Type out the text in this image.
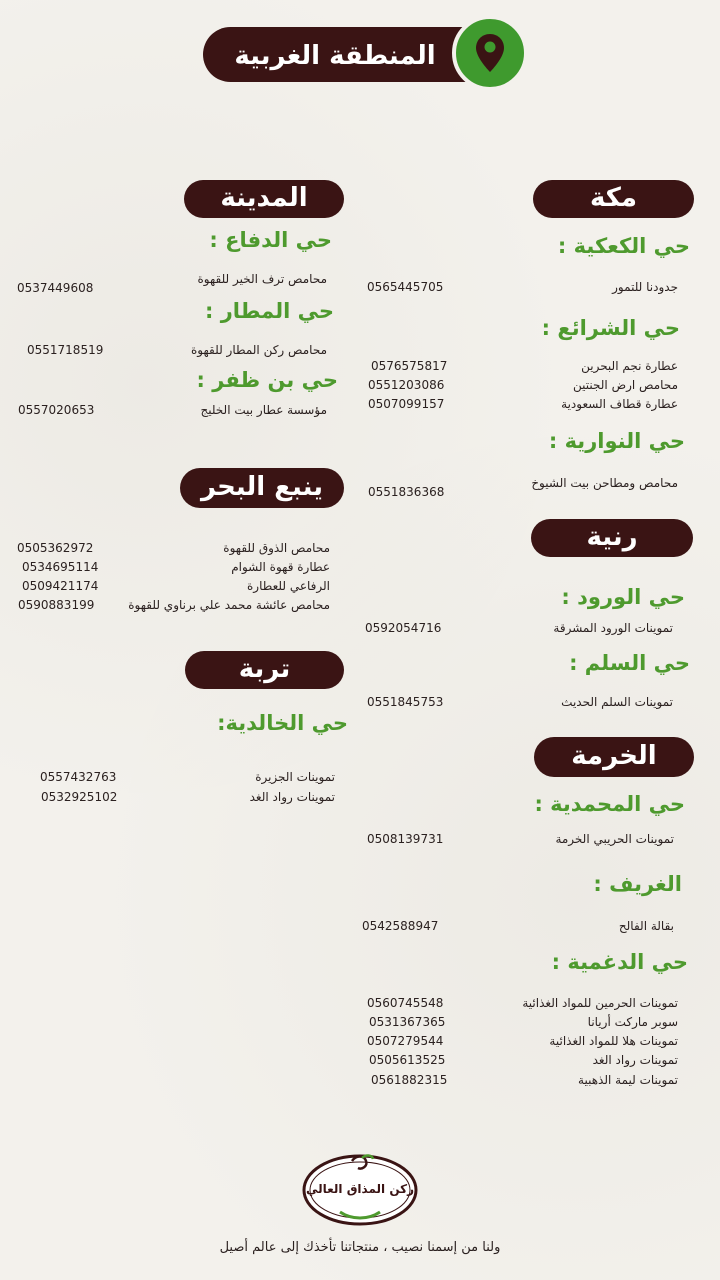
المنطقة الغربية
مكة
حي الكعكية :
جدودنا للتمور
0565445705
حي الشرائع :
عطارة نجم البحرين
0576575817
محامص ارض الجنتين
0551203086
عطارة قطاف السعودية
0507099157
حي النوارية :
محامص ومطاحن بيت الشيوخ
0551836368
رنية
حي الورود :
تموينات الورود المشرقة
0592054716
حي السلم :
تموينات السلم الحديث
0551845753
الخرمة
حي المحمدية :
تموينات الحريبي الخرمة
0508139731
الغريف :
بقالة الفالح
0542588947
حي الدغمية :
تموينات الحرمين للمواد الغذائية
0560745548
سوبر ماركت أريانا
0531367365
تموينات هلا للمواد الغذائية
0507279544
تموينات رواد الغد
0505613525
تموينات ليمة الذهبية
0561882315
المدينة
حي الدفاع :
محامص ترف الخير للقهوة
0537449608
حي المطار :
محامص ركن المطار للقهوة
0551718519
حي بن ظفر :
مؤسسة عطار بيت الخليج
0557020653
ينبع البحر
محامص الذوق للقهوة
0505362972
عطارة قهوة الشوام
0534695114
الرفاعي للعطارة
0509421174
محامص عائشة محمد علي برناوي للقهوة
0590883199
تربة
حي الخالدية:
تموينات الجزيرة
0557432763
تموينات رواد الغد
0532925102
ركن المذاق العالي
ولنا من إسمنا نصيب ، منتجاتنا تأخذك إلى عالم أصيل
